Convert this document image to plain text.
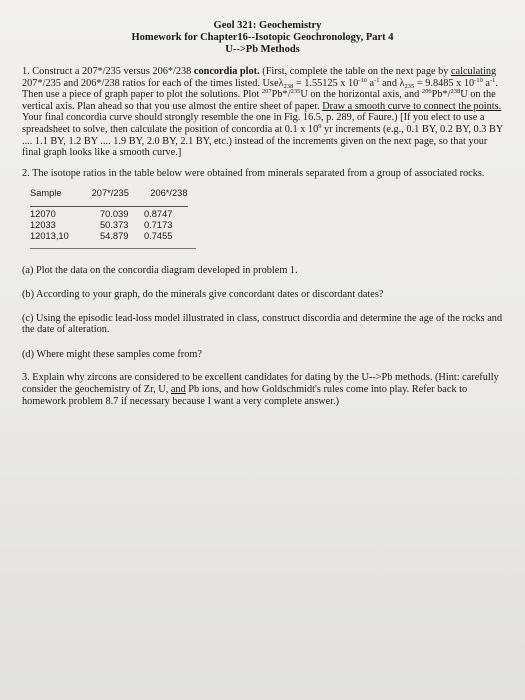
Geol 321: Geochemistry
Homework for Chapter16--Isotopic Geochronology, Part 4
U-->Pb Methods

1. Construct a 207*/235 versus 206*/238 concordia plot. (First, complete the table on the next page by calculating 207*/235 and 206*/238 ratios for each of the times listed. Useλ$_{238}$ = 1.55125 x $10^{-10}$ $a^{-1}$ and $\lambda_{235} = 9.8485$ x $10^{-10}$ $a^{-1}$. Then use a piece of graph paper to plot the solutions. Plot $^{207}$Pb*/$^{235}$U on the horizontal axis, and $^{206}$Pb*/$^{238}$U on the vertical axis. Plan ahead so that you use almost the entire sheet of paper. Draw a smooth curve to connect the points. Your final concordia curve should strongly resemble the one in Fig. 16.5, p. 289, of Faure.) [If you elect to use a spreadsheet to solve, then calculate the position of concordia at 0.1 x $10^9$ yr increments (e.g., 0.1 BY, 0.2 BY, 0.3 BY .... 1.1 BY, 1.2 BY .... 1.9 BY, 2.0 BY, 2.1 BY, etc.) instead of the increments given on the next page, so that your final graph looks like a smooth curve.]

2. The isotope ratios in the table below were obtained from minerals separated from a group of associated rocks.

Sample	207*/235	206*/238
12070	70.039	0.8747
12033	50.373	0.7173
12013,10	54.879	0.7455

(a) Plot the data on the concordia diagram developed in problem 1.

(b) According to your graph, do the minerals give concordant dates or discordant dates?

(c) Using the episodic lead-loss model illustrated in class, construct discordia and determine the age of the rocks and the date of alteration.

(d) Where might these samples come from?

3. Explain why zircons are considered to be excellent candidates for dating by the U-->Pb methods. (Hint: carefully consider the geochemistry of Zr, U, and Pb ions, and how Goldschmidt's rules come into play. Refer back to homework problem 8.7 if necessary because I want a very complete answer.)
